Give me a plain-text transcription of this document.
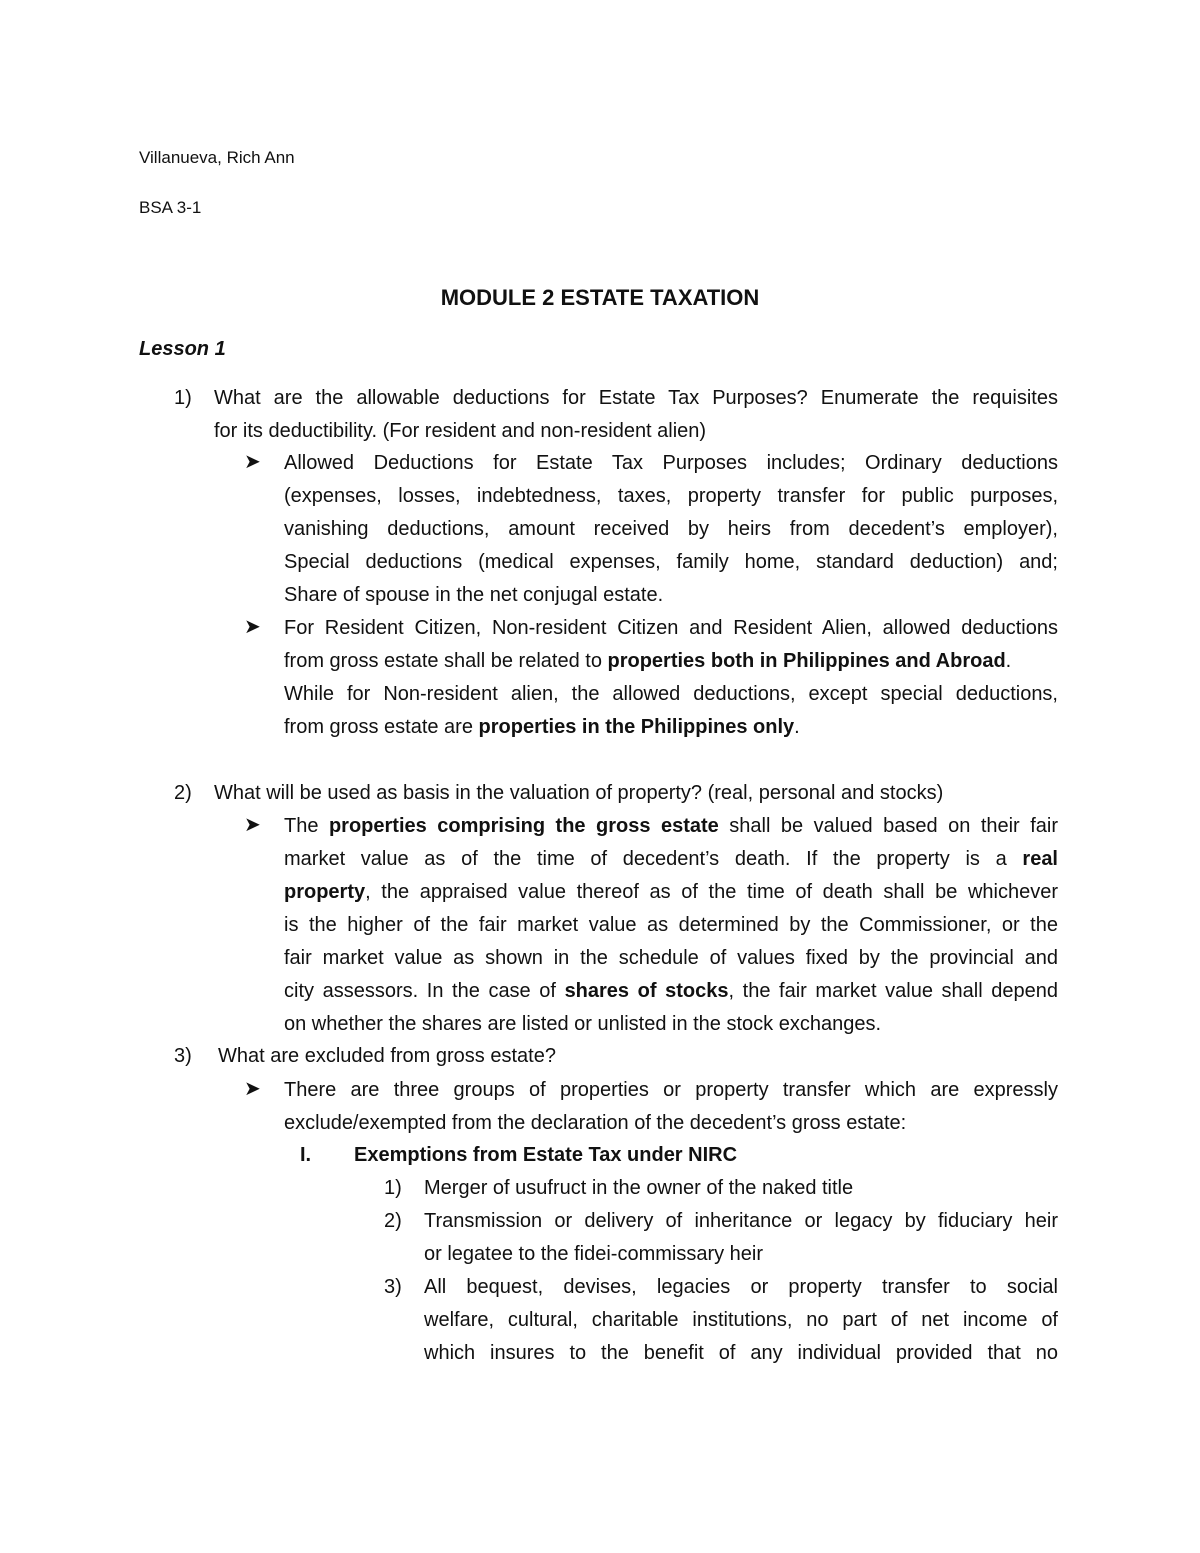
Villanueva, Rich Ann
BSA 3-1
MODULE 2 ESTATE TAXATION
Lesson 1
1) What are the allowable deductions for Estate Tax Purposes? Enumerate the requisites
for its deductibility. (For resident and non-resident alien)
➤ Allowed Deductions for Estate Tax Purposes includes; Ordinary deductions
(expenses, losses, indebtedness, taxes, property transfer for public purposes,
vanishing deductions, amount received by heirs from decedent’s employer),
Special deductions (medical expenses, family home, standard deduction) and;
Share of spouse in the net conjugal estate.
➤ For Resident Citizen, Non-resident Citizen and Resident Alien, allowed deductions
from gross estate shall be related to properties both in Philippines and Abroad.
While for Non-resident alien, the allowed deductions, except special deductions,
from gross estate are properties in the Philippines only.
2) What will be used as basis in the valuation of property? (real, personal and stocks)
➤ The properties comprising the gross estate shall be valued based on their fair
market value as of the time of decedent’s death. If the property is a real
property, the appraised value thereof as of the time of death shall be whichever
is the higher of the fair market value as determined by the Commissioner, or the
fair market value as shown in the schedule of values fixed by the provincial and
city assessors. In the case of shares of stocks, the fair market value shall depend
on whether the shares are listed or unlisted in the stock exchanges.
3) What are excluded from gross estate?
➤ There are three groups of properties or property transfer which are expressly
exclude/exempted from the declaration of the decedent’s gross estate:
I. Exemptions from Estate Tax under NIRC
1) Merger of usufruct in the owner of the naked title
2) Transmission or delivery of inheritance or legacy by fiduciary heir
or legatee to the fidei-commissary heir
3) All bequest, devises, legacies or property transfer to social
welfare, cultural, charitable institutions, no part of net income of
which insures to the benefit of any individual provided that no
